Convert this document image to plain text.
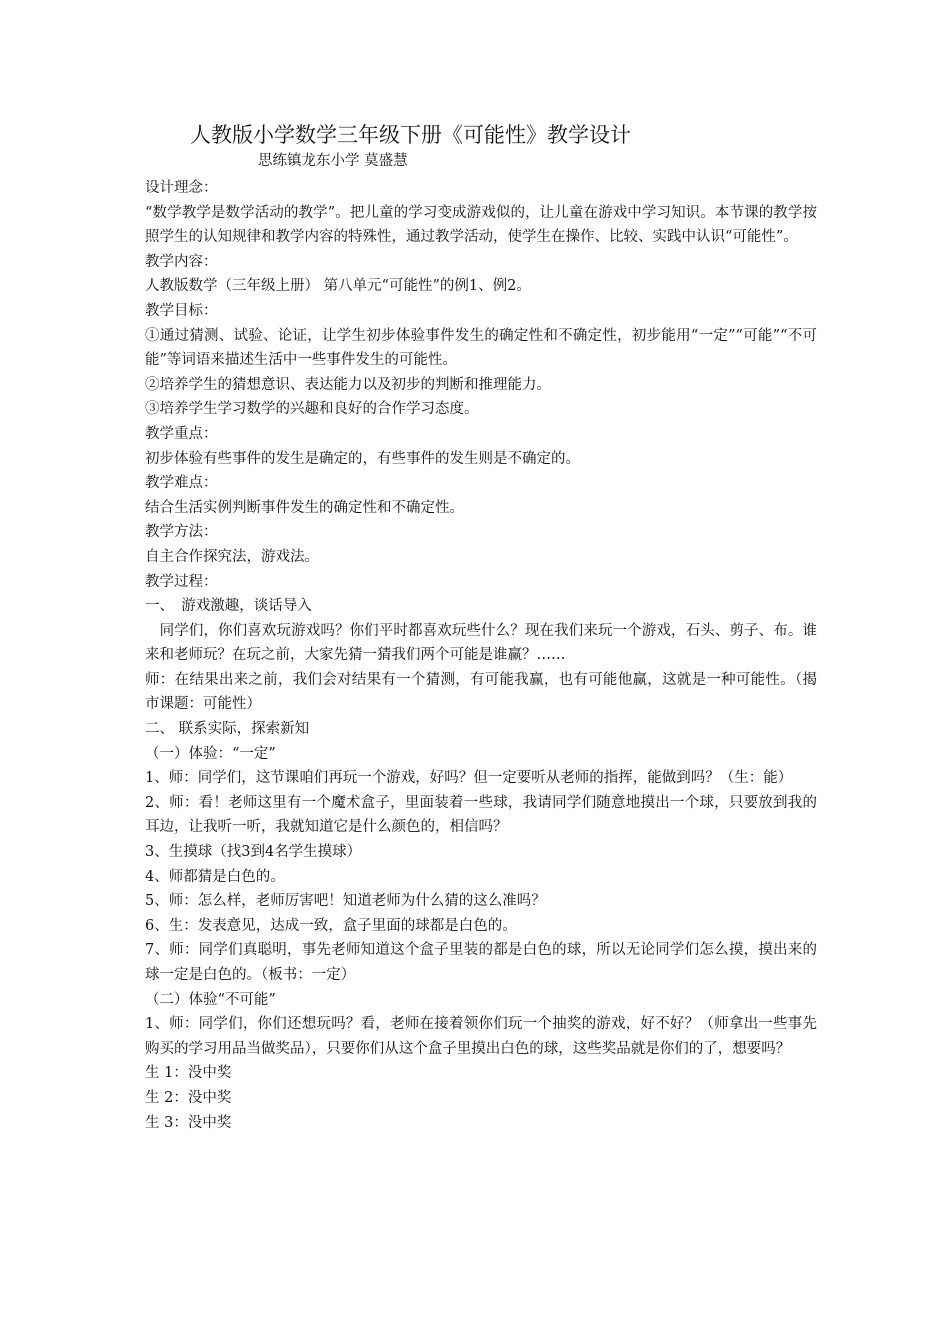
人教版小学数学三年级下册《可能性》教学设计
思练镇龙东小学 莫盛慧

设计理念：

“数学教学是数学活动的教学”。把儿童的学习变成游戏似的，让儿童在游戏中学习知识。本节课的教学按照学生的认知规律和教学内容的特殊性，通过教学活动，使学生在操作、比较、实践中认识“可能性”。

教学内容：

人教版数学（三年级上册） 第八单元“可能性”的例1、例2。

教学目标：

①通过猜测、试验、论证，让学生初步体验事件发生的确定性和不确定性，初步能用“一定”“可能”“不可能”等词语来描述生活中一些事件发生的可能性。

②培养学生的猜想意识、表达能力以及初步的判断和推理能力。

③培养学生学习数学的兴趣和良好的合作学习态度。

教学重点：

初步体验有些事件的发生是确定的，有些事件的发生则是不确定的。

教学难点：

结合生活实例判断事件发生的确定性和不确定性。

教学方法：

自主合作探究法，游戏法。

教学过程：

一、　游戏激趣，谈话导入

　同学们，你们喜欢玩游戏吗？你们平时都喜欢玩些什么？现在我们来玩一个游戏，石头、剪子、布。谁来和老师玩？在玩之前，大家先猜一猜我们两个可能是谁赢？……

师：在结果出来之前，我们会对结果有一个猜测，有可能我赢，也有可能他赢，这就是一种可能性。（揭市课题：可能性）

二、 联系实际，探索新知

（一）体验：“一定”

1、师：同学们，这节课咱们再玩一个游戏，好吗？但一定要听从老师的指挥，能做到吗？（生：能）

2、师：看！老师这里有一个魔术盒子，里面装着一些球，我请同学们随意地摸出一个球，只要放到我的耳边，让我听一听，我就知道它是什么颜色的，相信吗？

3、生摸球（找3到4名学生摸球）

4、师都猜是白色的。

5、师：怎么样，老师厉害吧！知道老师为什么猜的这么准吗？

6、生：发表意见，达成一致，盒子里面的球都是白色的。

7、师：同学们真聪明，事先老师知道这个盒子里装的都是白色的球，所以无论同学们怎么摸，摸出来的球一定是白色的。（板书：一定）

（二）体验“不可能”

1、师：同学们，你们还想玩吗？看，老师在接着领你们玩一个抽奖的游戏，好不好？（师拿出一些事先购买的学习用品当做奖品），只要你们从这个盒子里摸出白色的球，这些奖品就是你们的了，想要吗？

生 1：没中奖

生 2：没中奖

生 3：没中奖
